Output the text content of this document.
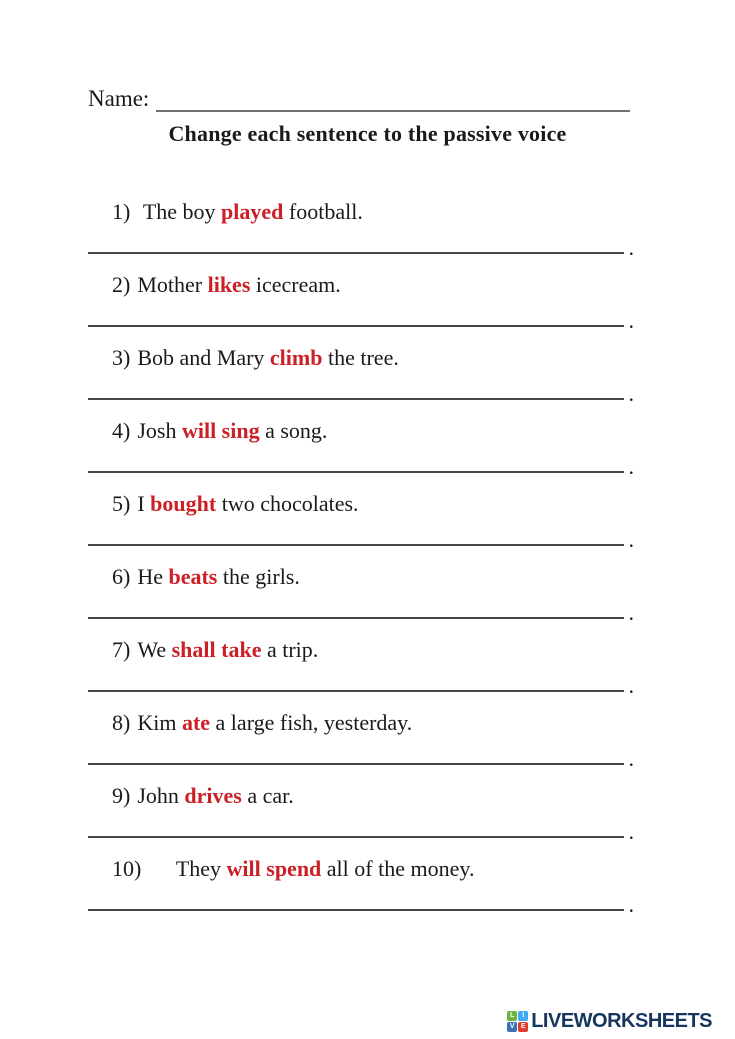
Name:
Change each sentence to the passive voice
1) The boy played football.
.
2) Mother likes icecream.
.
3) Bob and Mary climb the tree.
.
4) Josh will sing a song.
.
5) I bought two chocolates.
.
6) He beats the girls.
.
7) We shall take a trip.
.
8) Kim ate a large fish, yesterday.
.
9) John drives a car.
.
10)     They will spend all of the money.
.
L	I
V E LIVEWORKSHEETS
